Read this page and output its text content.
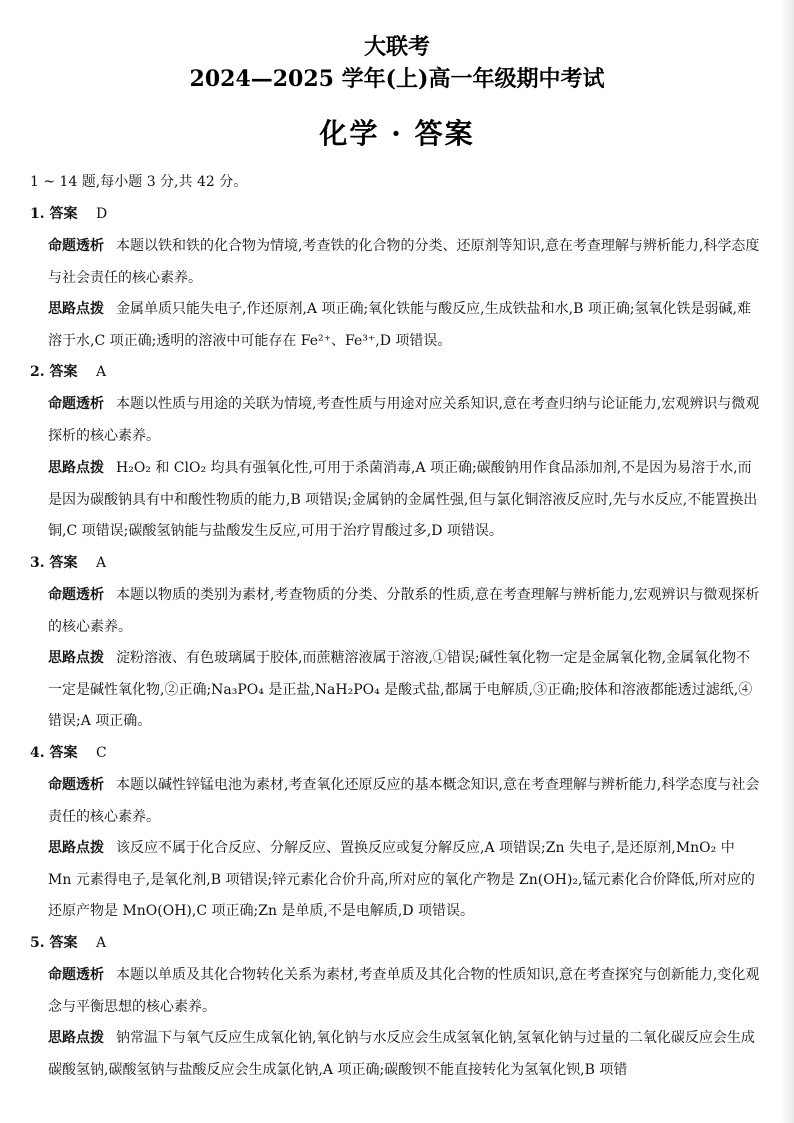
大联考
2024—2025 学年(上)高一年级期中考试
化学 · 答案
1 ~ 14 题,每小题 3 分,共 42 分。
1. 答案 D
命题透析 本题以铁和铁的化合物为情境,考查铁的化合物的分类、还原剂等知识,意在考查理解与辨析能力,科学态度与社会责任的核心素养。
思路点拨 金属单质只能失电子,作还原剂,A 项正确;氧化铁能与酸反应,生成铁盐和水,B 项正确;氢氧化铁是弱碱,难溶于水,C 项正确;透明的溶液中可能存在 Fe²⁺、Fe³⁺,D 项错误。
2. 答案 A
命题透析 本题以性质与用途的关联为情境,考查性质与用途对应关系知识,意在考查归纳与论证能力,宏观辨识与微观探析的核心素养。
思路点拨 H₂O₂ 和 ClO₂ 均具有强氧化性,可用于杀菌消毒,A 项正确;碳酸钠用作食品添加剂,不是因为易溶于水,而是因为碳酸钠具有中和酸性物质的能力,B 项错误;金属钠的金属性强,但与氯化铜溶液反应时,先与水反应,不能置换出铜,C 项错误;碳酸氢钠能与盐酸发生反应,可用于治疗胃酸过多,D 项错误。
3. 答案 A
命题透析 本题以物质的类别为素材,考查物质的分类、分散系的性质,意在考查理解与辨析能力,宏观辨识与微观探析的核心素养。
思路点拨 淀粉溶液、有色玻璃属于胶体,而蔗糖溶液属于溶液,①错误;碱性氧化物一定是金属氧化物,金属氧化物不一定是碱性氧化物,②正确;Na₃PO₄ 是正盐,NaH₂PO₄ 是酸式盐,都属于电解质,③正确;胶体和溶液都能透过滤纸,④错误;A 项正确。
4. 答案 C
命题透析 本题以碱性锌锰电池为素材,考查氧化还原反应的基本概念知识,意在考查理解与辨析能力,科学态度与社会责任的核心素养。
思路点拨 该反应不属于化合反应、分解反应、置换反应或复分解反应,A 项错误;Zn 失电子,是还原剂,MnO₂ 中 Mn 元素得电子,是氧化剂,B 项错误;锌元素化合价升高,所对应的氧化产物是 Zn(OH)₂,锰元素化合价降低,所对应的还原产物是 MnO(OH),C 项正确;Zn 是单质,不是电解质,D 项错误。
5. 答案 A
命题透析 本题以单质及其化合物转化关系为素材,考查单质及其化合物的性质知识,意在考查探究与创新能力,变化观念与平衡思想的核心素养。
思路点拨 钠常温下与氧气反应生成氧化钠,氧化钠与水反应会生成氢氧化钠,氢氧化钠与过量的二氧化碳反应会生成碳酸氢钠,碳酸氢钠与盐酸反应会生成氯化钠,A 项正确;碳酸钡不能直接转化为氢氧化钡,B 项错
